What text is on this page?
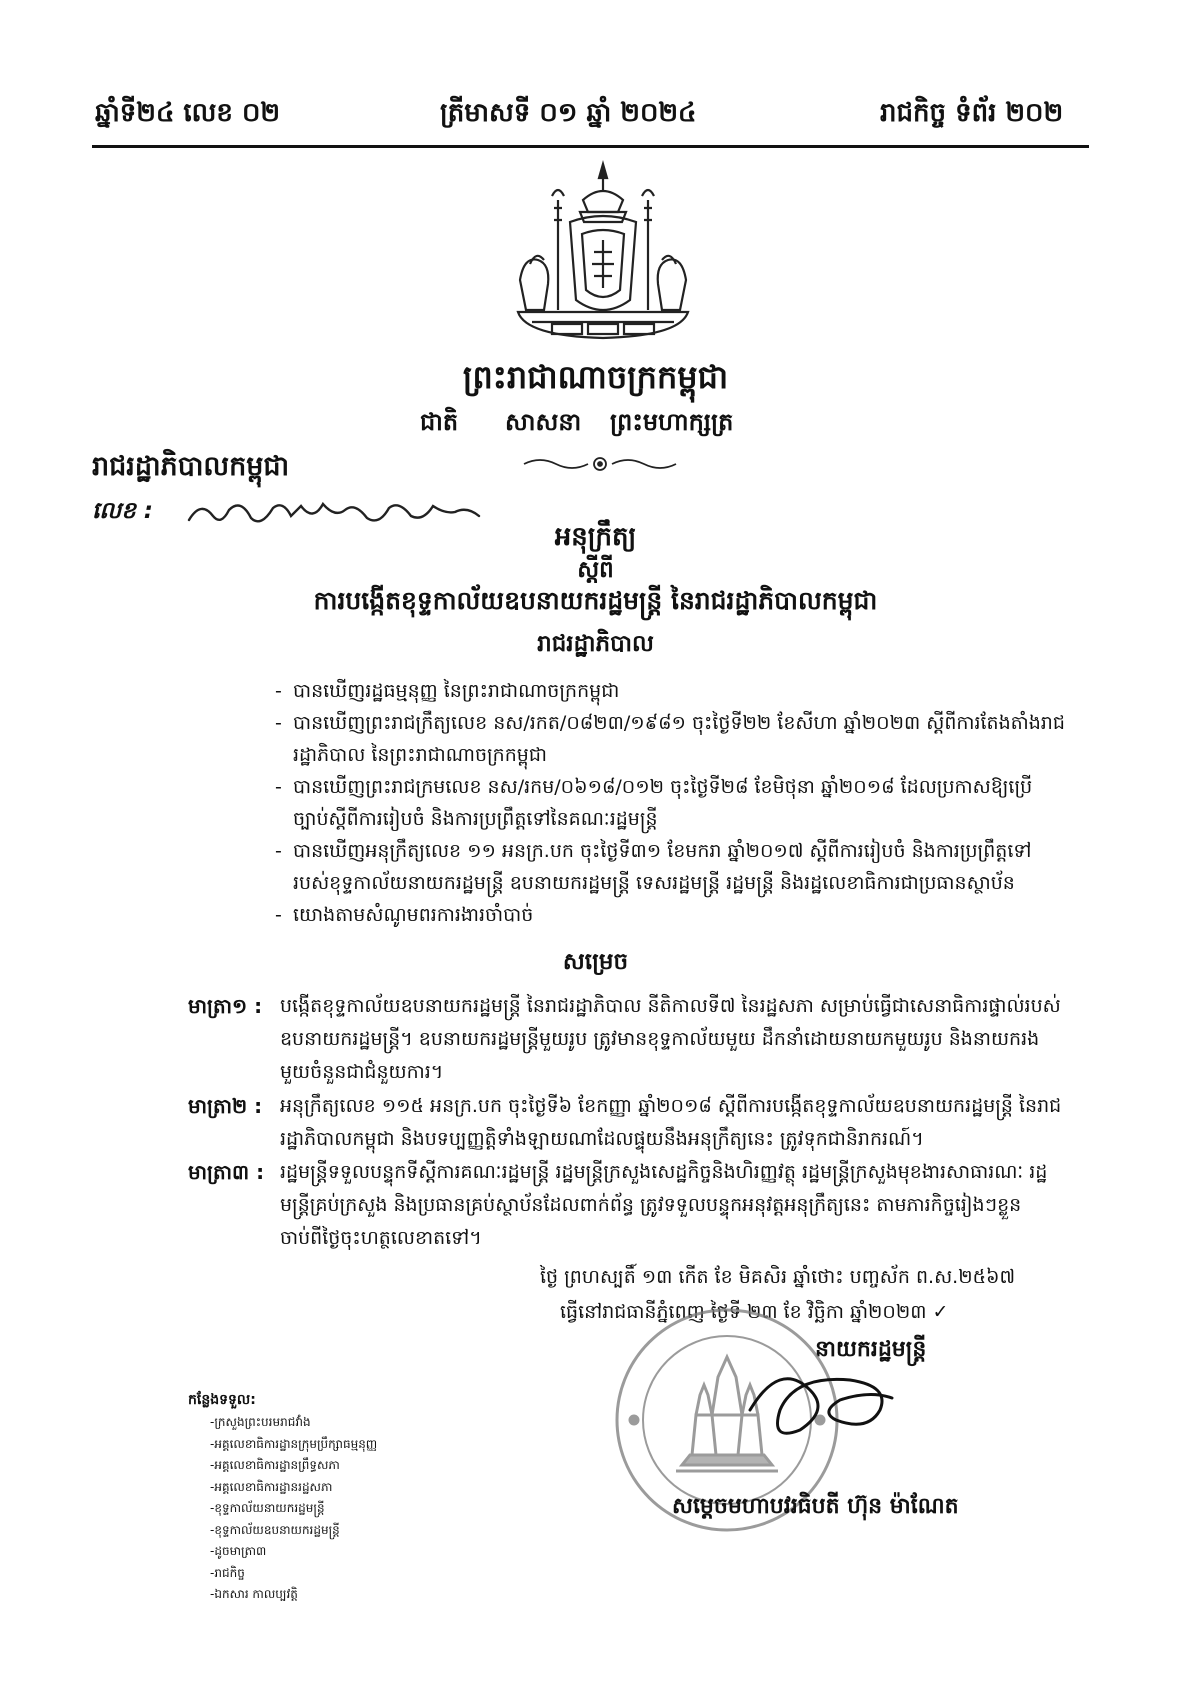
ឆ្នាំទី២៤ លេខ ០២	ត្រីមាសទី ០១ ឆ្នាំ ២០២៤	រាជកិច្ច ទំព័រ ២០២
ព្រះរាជាណាចក្រកម្ពុជា
ជាតិ សាសនា ព្រះមហាក្សត្រ
រាជរដ្ឋាភិបាលកម្ពុជា
លេខ :
អនុក្រឹត្យ
ស្តីពី
ការបង្កើតខុទ្ទកាល័យឧបនាយករដ្ឋមន្ត្រី នៃរាជរដ្ឋាភិបាលកម្ពុជា
រាជរដ្ឋាភិបាល
- បានឃើញរដ្ឋធម្មនុញ្ញ នៃព្រះរាជាណាចក្រកម្ពុជា
- បានឃើញព្រះរាជក្រឹត្យលេខ នស/រកត/០៨២៣/១៩៨១ ចុះថ្ងៃទី២២ ខែសីហា ឆ្នាំ២០២៣ ស្តីពីការតែងតាំងរាជរដ្ឋាភិបាល នៃព្រះរាជាណាចក្រកម្ពុជា
- បានឃើញព្រះរាជក្រមលេខ នស/រកម/០៦១៨/០១២ ចុះថ្ងៃទី២៨ ខែមិថុនា ឆ្នាំ២០១៨ ដែលប្រកាសឱ្យប្រើច្បាប់ស្តីពីការរៀបចំ និងការប្រព្រឹត្តទៅនៃគណៈរដ្ឋមន្ត្រី
- បានឃើញអនុក្រឹត្យលេខ ១១ អនក្រ.បក ចុះថ្ងៃទី៣១ ខែមករា ឆ្នាំ២០១៧ ស្តីពីការរៀបចំ និងការប្រព្រឹត្តទៅរបស់ខុទ្ទកាល័យនាយករដ្ឋមន្ត្រី ឧបនាយករដ្ឋមន្ត្រី ទេសរដ្ឋមន្ត្រី រដ្ឋមន្ត្រី និងរដ្ឋលេខាធិការជាប្រធានស្ថាប័ន
- យោងតាមសំណូមពរការងារចាំបាច់
សម្រេច
មាត្រា១ : បង្កើតខុទ្ទកាល័យឧបនាយករដ្ឋមន្ត្រី នៃរាជរដ្ឋាភិបាល នីតិកាលទី៧ នៃរដ្ឋសភា សម្រាប់ធ្វើជាសេនាធិការផ្ទាល់របស់ឧបនាយករដ្ឋមន្ត្រី។ ឧបនាយករដ្ឋមន្ត្រីមួយរូប ត្រូវមានខុទ្ទកាល័យមួយ ដឹកនាំដោយនាយកមួយរូប និងនាយករងមួយចំនួនជាជំនួយការ។
មាត្រា២ : អនុក្រឹត្យលេខ ១១៥ អនក្រ.បក ចុះថ្ងៃទី៦ ខែកញ្ញា ឆ្នាំ២០១៨ ស្តីពីការបង្កើតខុទ្ទកាល័យឧបនាយករដ្ឋមន្ត្រី នៃរាជរដ្ឋាភិបាលកម្ពុជា និងបទប្បញ្ញត្តិទាំងឡាយណាដែលផ្ទុយនឹងអនុក្រឹត្យនេះ ត្រូវទុកជានិរាករណ៍។
មាត្រា៣ : រដ្ឋមន្ត្រីទទួលបន្ទុកទីស្តីការគណៈរដ្ឋមន្ត្រី រដ្ឋមន្ត្រីក្រសួងសេដ្ឋកិច្ចនិងហិរញ្ញវត្ថុ រដ្ឋមន្ត្រីក្រសួងមុខងារសាធារណៈ រដ្ឋមន្ត្រីគ្រប់ក្រសួង និងប្រធានគ្រប់ស្ថាប័នដែលពាក់ព័ន្ធ ត្រូវទទួលបន្ទុកអនុវត្តអនុក្រឹត្យនេះ តាមភារកិច្ចរៀងៗខ្លួន ចាប់ពីថ្ងៃចុះហត្ថលេខាតទៅ។
ថ្ងៃ ព្រហស្បតិ៍ ១៣ កើត ខែ មិគសិរ ឆ្នាំថោះ បញ្ចស័ក ព.ស.២៥៦៧
ធ្វើនៅរាជធានីភ្នំពេញ ថ្ងៃទី ២៣ ខែ វិច្ឆិកា ឆ្នាំ២០២៣ ✓
នាយករដ្ឋមន្ត្រី
សម្តេចមហាបវរធិបតី ហ៊ុន ម៉ាណែត
កន្លែងទទួល:
- ក្រសួងព្រះបរមរាជវាំង
- អគ្គលេខាធិការដ្ឋានក្រុមប្រឹក្សាធម្មនុញ្ញ
- អគ្គលេខាធិការដ្ឋានព្រឹទ្ធសភា
- អគ្គលេខាធិការដ្ឋានរដ្ឋសភា
- ខុទ្ទកាល័យនាយករដ្ឋមន្ត្រី
- ខុទ្ទកាល័យឧបនាយករដ្ឋមន្ត្រី
- ដូចមាត្រា៣
- រាជកិច្ច
- ឯកសារ កាលប្បវត្តិ
